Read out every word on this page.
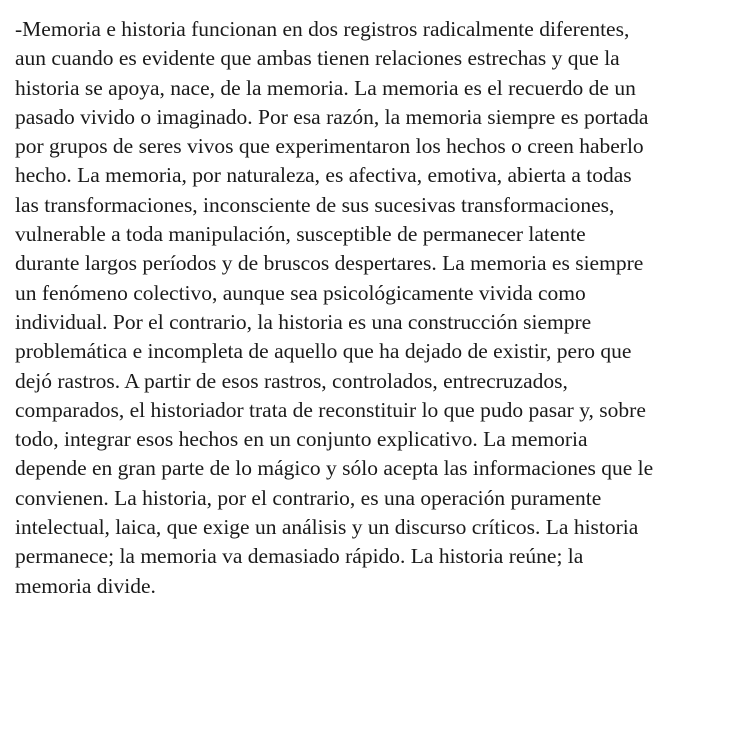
-Memoria e historia funcionan en dos registros radicalmente diferentes,
aun cuando es evidente que ambas tienen relaciones estrechas y que la
historia se apoya, nace, de la memoria. La memoria es el recuerdo de un
pasado vivido o imaginado. Por esa razón, la memoria siempre es portada
por grupos de seres vivos que experimentaron los hechos o creen haberlo
hecho. La memoria, por naturaleza, es afectiva, emotiva, abierta a todas
las transformaciones, inconsciente de sus sucesivas transformaciones,
vulnerable a toda manipulación, susceptible de permanecer latente
durante largos períodos y de bruscos despertares. La memoria es siempre
un fenómeno colectivo, aunque sea psicológicamente vivida como
individual. Por el contrario, la historia es una construcción siempre
problemática e incompleta de aquello que ha dejado de existir, pero que
dejó rastros. A partir de esos rastros, controlados, entrecruzados,
comparados, el historiador trata de reconstituir lo que pudo pasar y, sobre
todo, integrar esos hechos en un conjunto explicativo. La memoria
depende en gran parte de lo mágico y sólo acepta las informaciones que le
convienen. La historia, por el contrario, es una operación puramente
intelectual, laica, que exige un análisis y un discurso críticos. La historia
permanece; la memoria va demasiado rápido. La historia reúne; la
memoria divide.
